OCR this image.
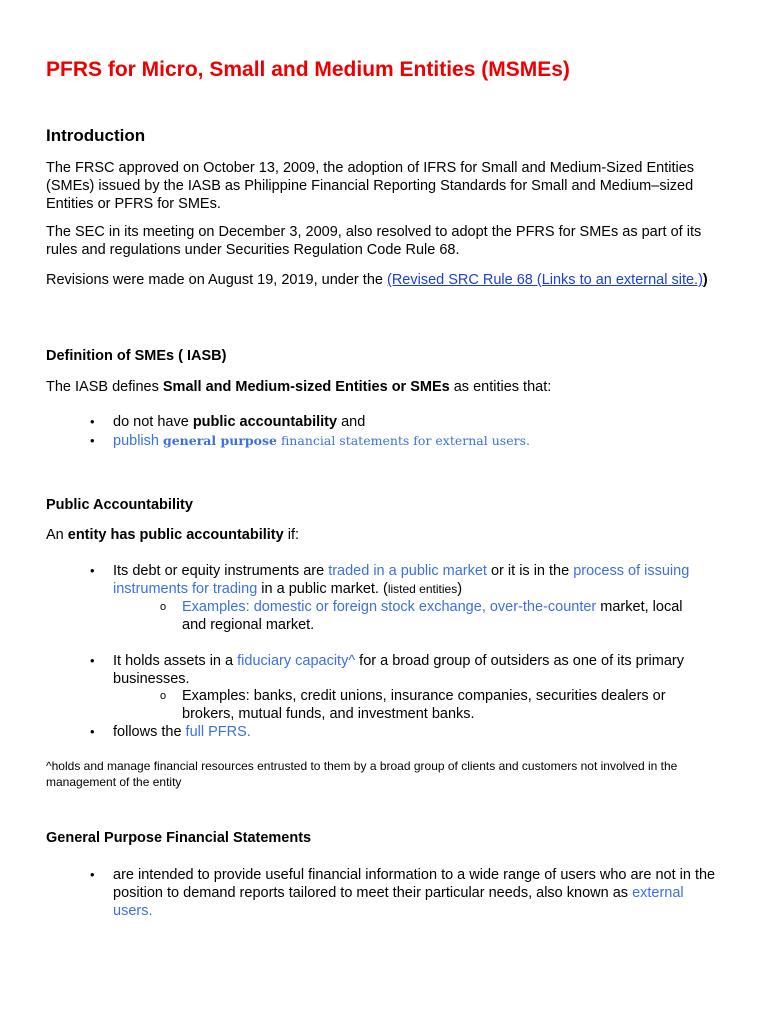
PFRS for Micro, Small and Medium Entities (MSMEs)
Introduction

The FRSC approved on October 13, 2009, the adoption of IFRS for Small and Medium-Sized Entities (SMEs) issued by the IASB as Philippine Financial Reporting Standards for Small and Medium–sized Entities or PFRS for SMEs.

The SEC in its meeting on December 3, 2009, also resolved to adopt the PFRS for SMEs as part of its rules and regulations under Securities Regulation Code Rule 68.

Revisions were made on August 19, 2019, under the (Revised SRC Rule 68 (Links to an external site.))

Definition of SMEs ( IASB)

The IASB defines Small and Medium-sized Entities or SMEs as entities that:

• do not have public accountability and
• publish general purpose financial statements for external users.

Public Accountability

An entity has public accountability if:

• Its debt or equity instruments are traded in a public market or it is in the process of issuing instruments for trading in a public market. (listed entities)
o Examples: domestic or foreign stock exchange, over-the-counter market, local and regional market.
• It holds assets in a fiduciary capacity^ for a broad group of outsiders as one of its primary businesses.
o Examples: banks, credit unions, insurance companies, securities dealers or brokers, mutual funds, and investment banks.
• follows the full PFRS.

^holds and manage financial resources entrusted to them by a broad group of clients and customers not involved in the management of the entity

General Purpose Financial Statements

• are intended to provide useful financial information to a wide range of users who are not in the position to demand reports tailored to meet their particular needs, also known as external users.
